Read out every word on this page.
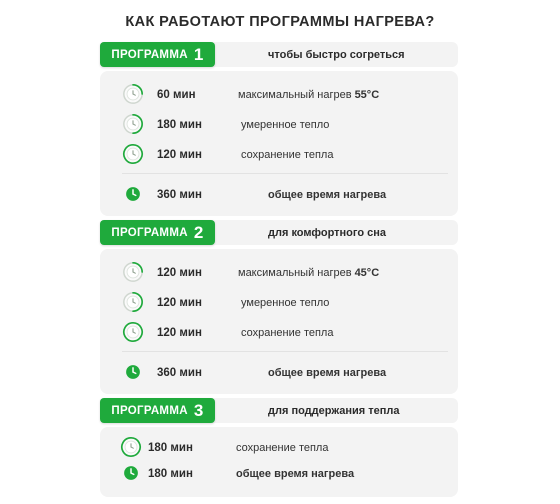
КАК РАБОТАЮТ ПРОГРАММЫ НАГРЕВА?
ПРОГРАММА 1	чтобы быстро согреться
60 мин	максимальный нагрев 55°C
180 мин	умеренное тепло
120 мин	сохранение тепла
360 мин	общее время нагрева
ПРОГРАММА 2	для комфортного сна
120 мин	максимальный нагрев 45°C
120 мин	умеренное тепло
120 мин	сохранение тепла
360 мин	общее время нагрева
ПРОГРАММА 3	для поддержания тепла
180 мин	сохранение тепла
180 мин	общее время нагрева
